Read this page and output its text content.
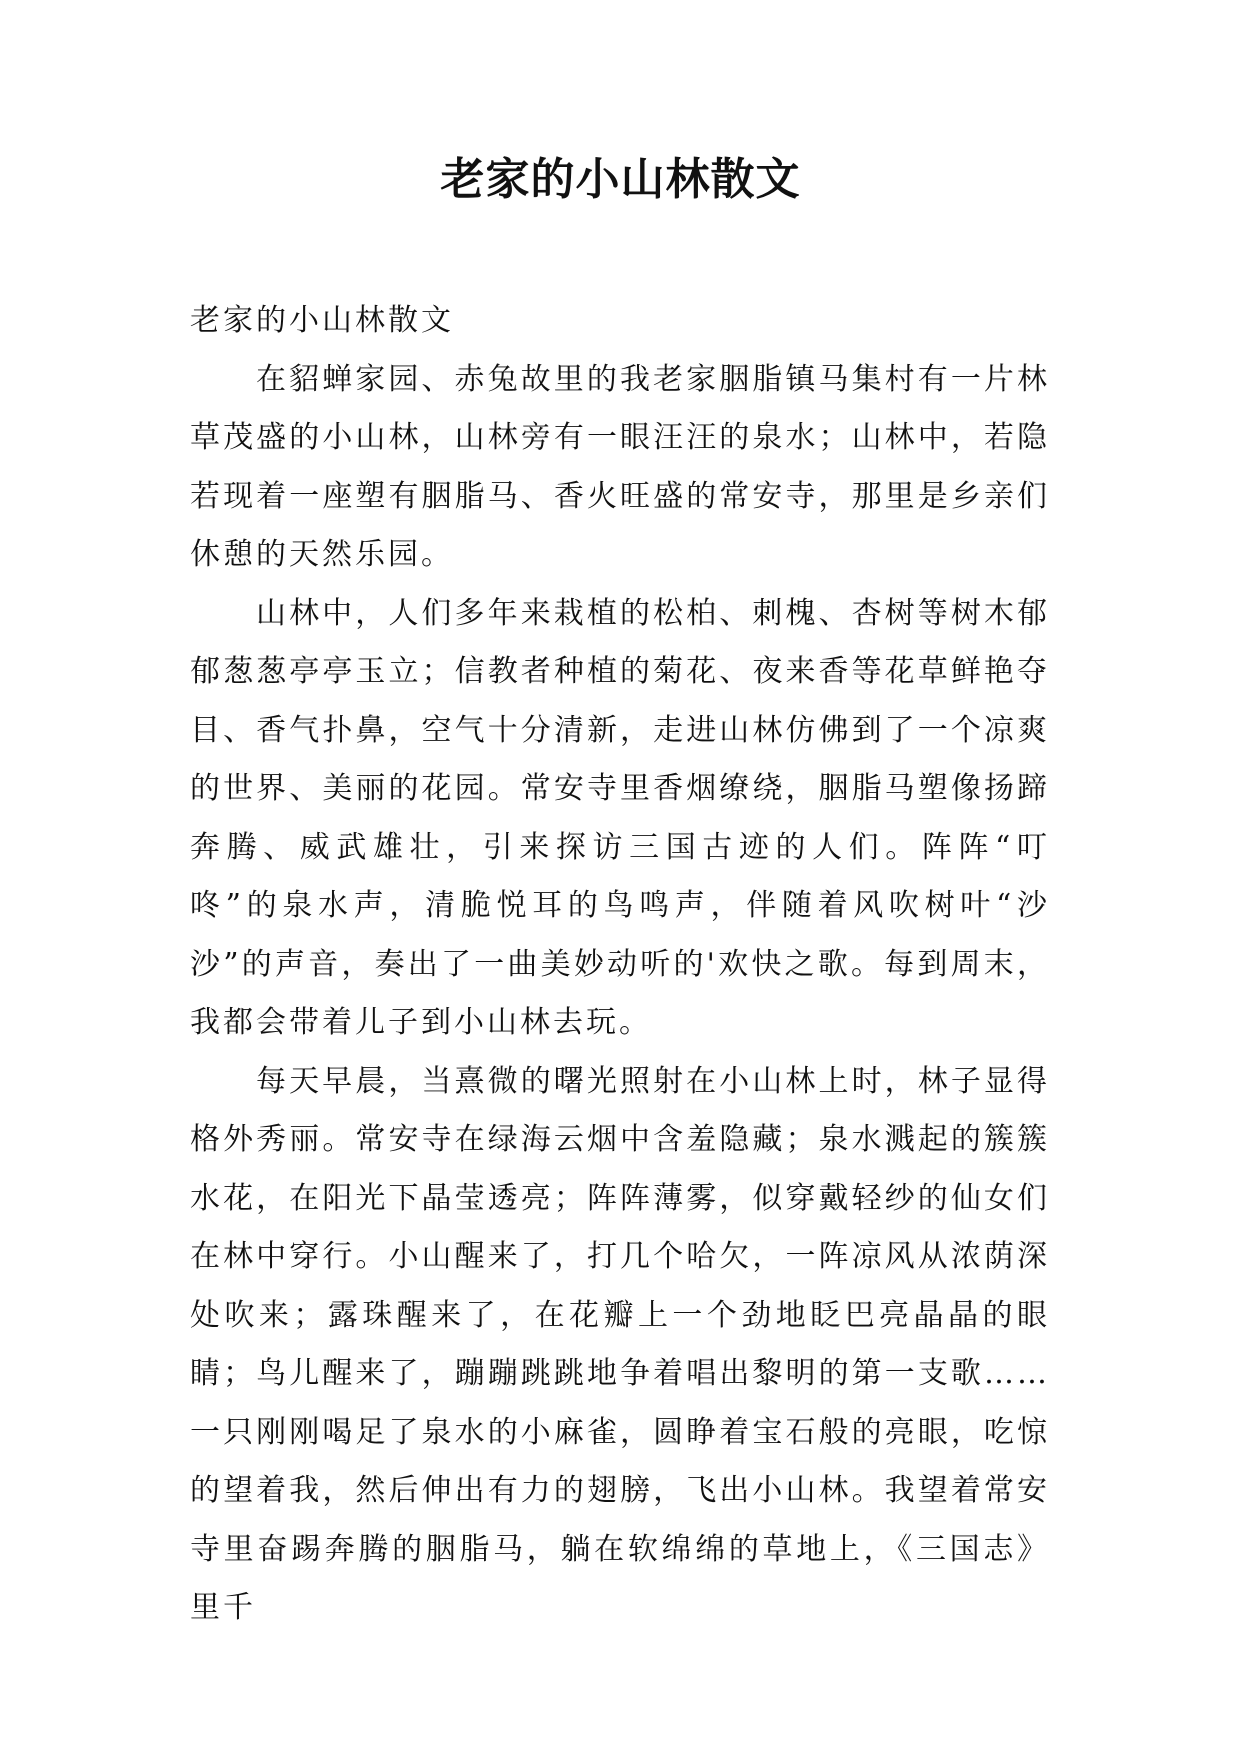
老家的小山林散文

老家的小山林散文

在貂蝉家园、赤兔故里的我老家胭脂镇马集村有一片林草茂盛的小山林，山林旁有一眼汪汪的泉水；山林中，若隐若现着一座塑有胭脂马、香火旺盛的常安寺，那里是乡亲们休憩的天然乐园。

山林中，人们多年来栽植的松柏、刺槐、杏树等树木郁郁葱葱亭亭玉立；信教者种植的菊花、夜来香等花草鲜艳夺目、香气扑鼻，空气十分清新，走进山林仿佛到了一个凉爽的世界、美丽的花园。常安寺里香烟缭绕，胭脂马塑像扬蹄奔腾、威武雄壮，引来探访三国古迹的人们。阵阵“叮咚”的泉水声，清脆悦耳的鸟鸣声，伴随着风吹树叶“沙沙”的声音，奏出了一曲美妙动听的'欢快之歌。每到周末，我都会带着儿子到小山林去玩。

每天早晨，当熹微的曙光照射在小山林上时，林子显得格外秀丽。常安寺在绿海云烟中含羞隐藏；泉水溅起的簇簇水花，在阳光下晶莹透亮；阵阵薄雾，似穿戴轻纱的仙女们在林中穿行。小山醒来了，打几个哈欠，一阵凉风从浓荫深处吹来；露珠醒来了，在花瓣上一个劲地眨巴亮晶晶的眼睛；鸟儿醒来了，蹦蹦跳跳地争着唱出黎明的第一支歌……一只刚刚喝足了泉水的小麻雀，圆睁着宝石般的亮眼，吃惊的望着我，然后伸出有力的翅膀，飞出小山林。我望着常安寺里奋踢奔腾的胭脂马，躺在软绵绵的草地上，《三国志》里千
